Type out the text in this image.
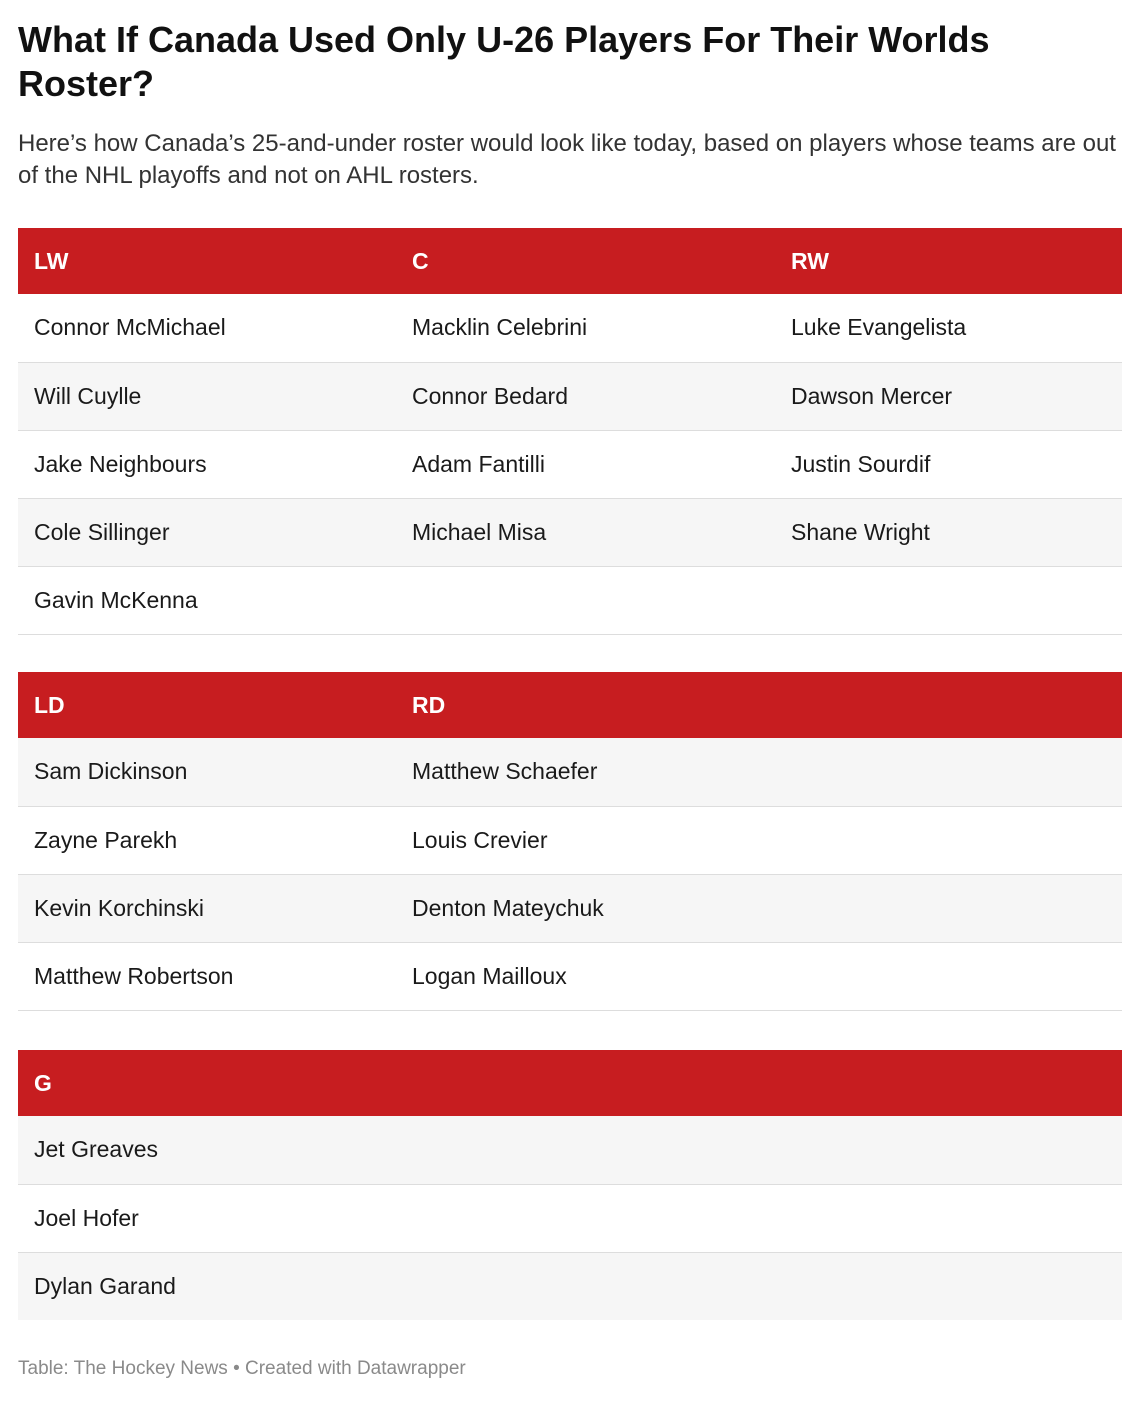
What If Canada Used Only U-26 Players For Their Worlds Roster?
Here’s how Canada’s 25-and-under roster would look like today, based on players whose teams are out of the NHL playoffs and not on AHL rosters.
LW	C	RW
Connor McMichael	Macklin Celebrini	Luke Evangelista
Will Cuylle	Connor Bedard	Dawson Mercer
Jake Neighbours	Adam Fantilli	Justin Sourdif
Cole Sillinger	Michael Misa	Shane Wright
Gavin McKenna		
LD	RD	
Sam Dickinson	Matthew Schaefer	
Zayne Parekh	Louis Crevier	
Kevin Korchinski	Denton Mateychuk	
Matthew Robertson	Logan Mailloux	
G		
Jet Greaves		
Joel Hofer		
Dylan Garand		
Table: The Hockey News • Created with Datawrapper
